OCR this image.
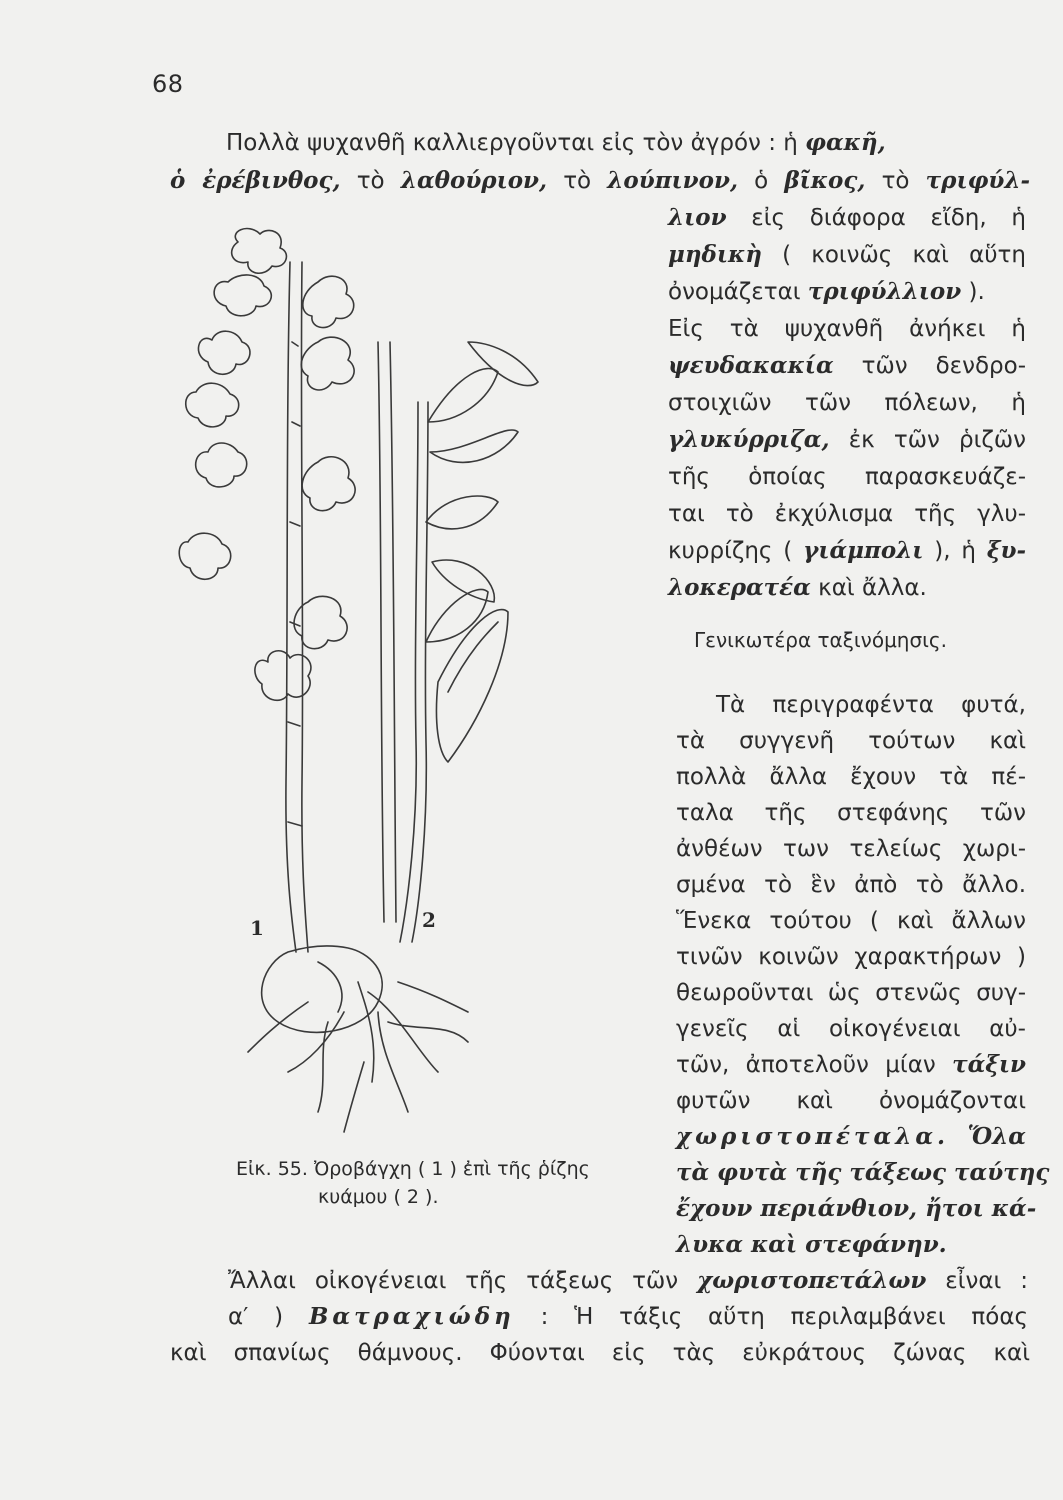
68
Πολλὰ ψυχανθῆ καλλιεργοῦνται εἰς τὸν ἀγρόν : ἡ φακῆ,
ὁ ἐρέβινθος, τὸ λαθούριον, τὸ λούπινον, ὁ βῖκος, τὸ τριφύλ-
λιον εἰς διάφορα εἴδη, ἡ
μηδικὴ ( κοινῶς καὶ αὕτη
ὀνομάζεται τριφύλλιον ).
Εἰς τὰ ψυχανθῆ ἀνήκει ἡ
ψευδακακία τῶν δενδρο-
στοιχιῶν τῶν πόλεων, ἡ
γλυκύρριζα, ἐκ τῶν ῥιζῶν
τῆς ὁποίας παρασκευάζε-
ται τὸ ἐκχύλισμα τῆς γλυ-
κυρρίζης ( γιάμπολι ), ἡ ξυ-
λοκερατέα καὶ ἄλλα.
Γενικωτέρα ταξινόμησις.
Τὰ περιγραφέντα φυτά,
τὰ συγγενῆ τούτων καὶ
πολλὰ ἄλλα ἔχουν τὰ πέ-
ταλα τῆς στεφάνης τῶν
ἀνθέων των τελείως χωρι-
σμένα τὸ ἓν ἀπὸ τὸ ἄλλο.
Ἕνεκα τούτου ( καὶ ἄλλων
τινῶν κοινῶν χαρακτήρων )
θεωροῦνται ὡς στενῶς συγ-
γενεῖς αἱ οἰκογένειαι αὐ-
τῶν, ἀποτελοῦν μίαν τάξιν
φυτῶν καὶ ὀνομάζονται
χωριστοπέταλα. Ὅλα
τὰ φυτὰ τῆς τάξεως ταύτης
ἔχουν περιάνθιον, ἤτοι κά-
λυκα καὶ στεφάνην.
1	2
Εἰκ. 55. Ὀροβάγχη ( 1 ) ἐπὶ τῆς ῥίζης
κυάμου ( 2 ).
Ἄλλαι οἰκογένειαι τῆς τάξεως τῶν χωριστοπετάλων εἶναι :
α′ ) Βατραχιώδη : Ἡ τάξις αὕτη περιλαμβάνει πόας
καὶ σπανίως θάμνους. Φύονται εἰς τὰς εὐκράτους ζώνας καὶ
